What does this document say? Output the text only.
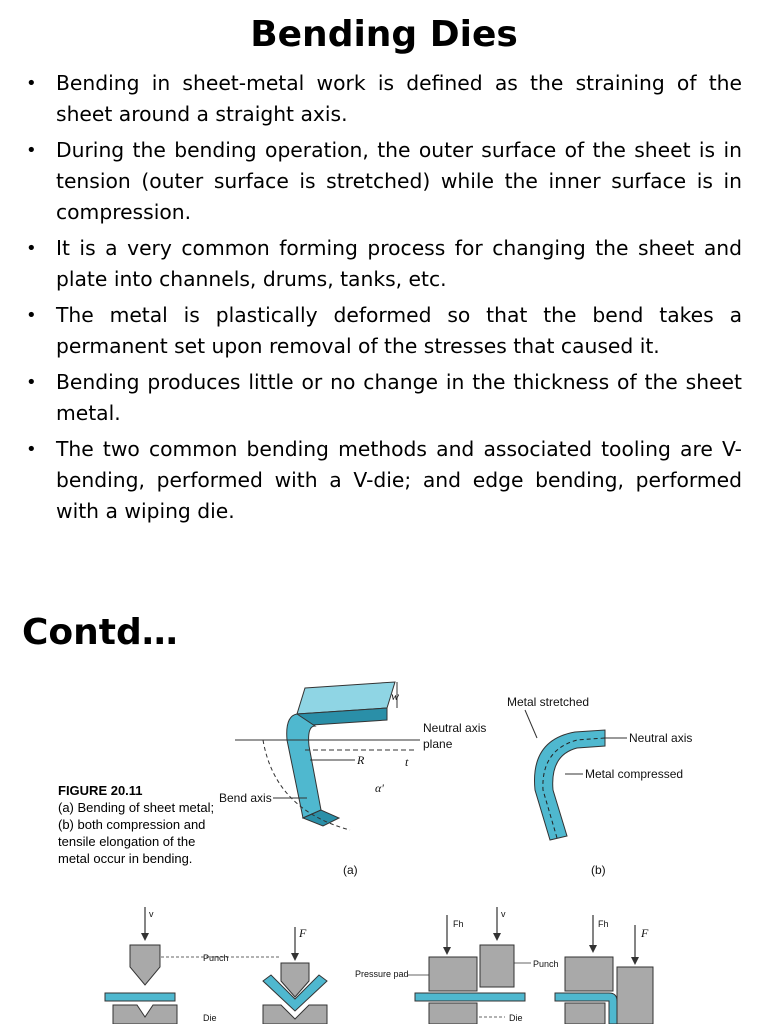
Bending Dies
• Bending in sheet-metal work is defined as the straining of the sheet around a straight axis.
• During the bending operation, the outer surface of the sheet is in tension (outer surface is stretched) while the inner surface is in compression.
• It is a very common forming process for changing the sheet and plate into channels, drums, tanks, etc.
• The metal is plastically deformed so that the bend takes a permanent set upon removal of the stresses that caused it.
• Bending produces little or no change in the thickness of the sheet metal.
• The two common bending methods and associated tooling are V-bending, performed with a V-die; and edge bending, performed with a wiping die.
Contd…
FIGURE 20.11
(a) Bending of sheet metal;
(b) both compression and
tensile elongation of the
metal occur in bending.
w
Neutral axis
plane
R	t
α'
Bend axis
(a)
Neutral axis
Metal stretched
Metal compressed
(b)
v
Punch
Die
F
Fh
v
Pressure pad
Punch
Die
Fh
F
